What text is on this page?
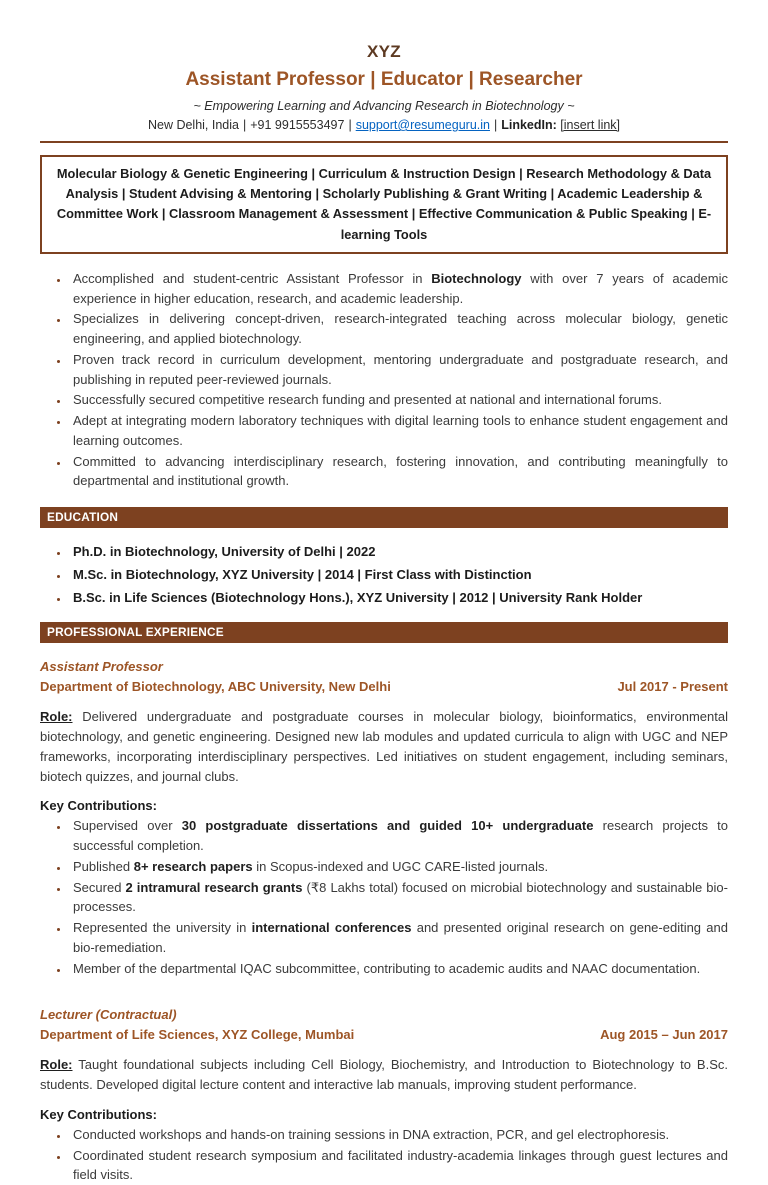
XYZ
Assistant Professor | Educator | Researcher
~ Empowering Learning and Advancing Research in Biotechnology ~
New Delhi, India | +91 9915553497 | support@resumeguru.in | LinkedIn: [insert link]
Molecular Biology & Genetic Engineering | Curriculum & Instruction Design | Research Methodology & Data Analysis | Student Advising & Mentoring | Scholarly Publishing & Grant Writing | Academic Leadership & Committee Work | Classroom Management & Assessment | Effective Communication & Public Speaking | E-learning Tools
• Accomplished and student-centric Assistant Professor in Biotechnology with over 7 years of academic experience in higher education, research, and academic leadership.
• Specializes in delivering concept-driven, research-integrated teaching across molecular biology, genetic engineering, and applied biotechnology.
• Proven track record in curriculum development, mentoring undergraduate and postgraduate research, and publishing in reputed peer-reviewed journals.
• Successfully secured competitive research funding and presented at national and international forums.
• Adept at integrating modern laboratory techniques with digital learning tools to enhance student engagement and learning outcomes.
• Committed to advancing interdisciplinary research, fostering innovation, and contributing meaningfully to departmental and institutional growth.
EDUCATION
• Ph.D. in Biotechnology, University of Delhi | 2022
• M.Sc. in Biotechnology, XYZ University | 2014 | First Class with Distinction
• B.Sc. in Life Sciences (Biotechnology Hons.), XYZ University | 2012 | University Rank Holder
PROFESSIONAL EXPERIENCE
Assistant Professor
Department of Biotechnology, ABC University, New Delhi	Jul 2017 - Present

Role: Delivered undergraduate and postgraduate courses in molecular biology, bioinformatics, environmental biotechnology, and genetic engineering. Designed new lab modules and updated curricula to align with UGC and NEP frameworks, incorporating interdisciplinary perspectives. Led initiatives on student engagement, including seminars, biotech quizzes, and journal clubs.

Key Contributions:
• Supervised over 30 postgraduate dissertations and guided 10+ undergraduate research projects to successful completion.
• Published 8+ research papers in Scopus-indexed and UGC CARE-listed journals.
• Secured 2 intramural research grants (₹8 Lakhs total) focused on microbial biotechnology and sustainable bio-processes.
• Represented the university in international conferences and presented original research on gene-editing and bio-remediation.
• Member of the departmental IQAC subcommittee, contributing to academic audits and NAAC documentation.
Lecturer (Contractual)
Department of Life Sciences, XYZ College, Mumbai	Aug 2015 – Jun 2017

Role: Taught foundational subjects including Cell Biology, Biochemistry, and Introduction to Biotechnology to B.Sc. students. Developed digital lecture content and interactive lab manuals, improving student performance.

Key Contributions:
• Conducted workshops and hands-on training sessions in DNA extraction, PCR, and gel electrophoresis.
• Coordinated student research symposium and facilitated industry-academia linkages through guest lectures and field visits.
